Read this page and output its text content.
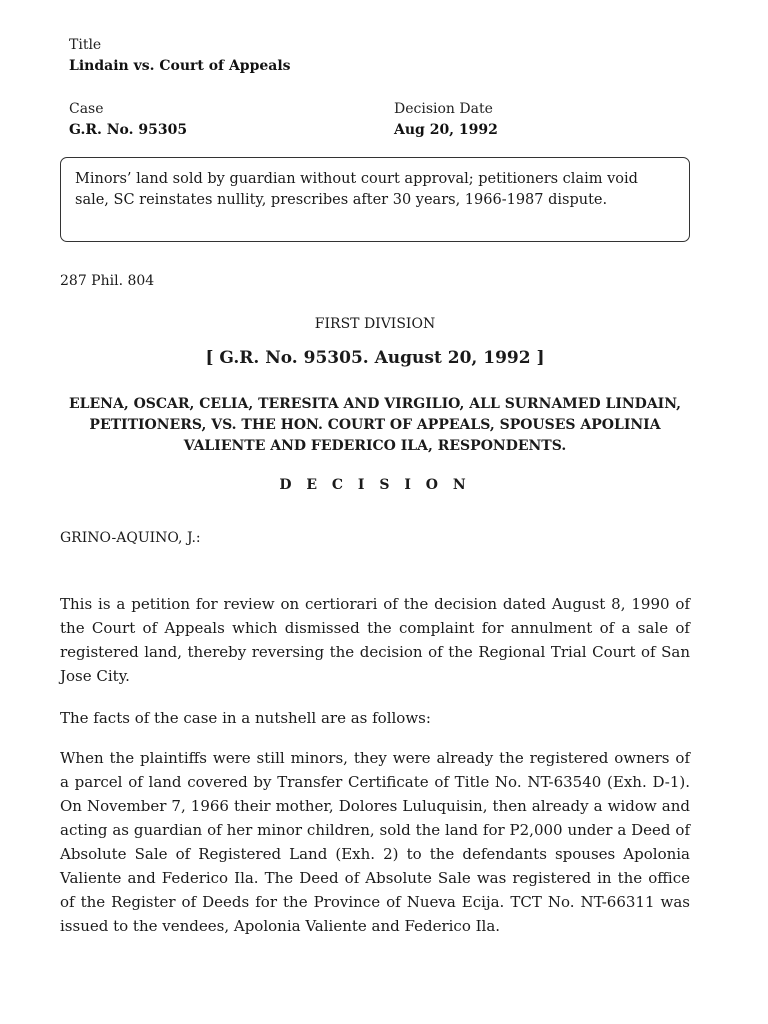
Title
Lindain vs. Court of Appeals
Case
G.R. No. 95305
Decision Date
Aug 20, 1992
Minors’ land sold by guardian without court approval; petitioners claim void sale, SC reinstates nullity, prescribes after 30 years, 1966-1987 dispute.
287 Phil. 804
FIRST DIVISION
[ G.R. No. 95305. August 20, 1992 ]
ELENA, OSCAR, CELIA, TERESITA AND VIRGILIO, ALL SURNAMED LINDAIN, PETITIONERS, VS. THE HON. COURT OF APPEALS, SPOUSES APOLINIA VALIENTE AND FEDERICO ILA, RESPONDENTS.
D E C I S I O N
GRINO-AQUINO, J.:

This is a petition for review on certiorari of the decision dated August 8, 1990 of the Court of Appeals which dismissed the complaint for annulment of a sale of registered land, thereby reversing the decision of the Regional Trial Court of San Jose City.

The facts of the case in a nutshell are as follows:

When the plaintiffs were still minors, they were already the registered owners of a parcel of land covered by Transfer Certificate of Title No. NT-63540 (Exh. D-1). On November 7, 1966 their mother, Dolores Luluquisin, then already a widow and acting as guardian of her minor children, sold the land for P2,000 under a Deed of Absolute Sale of Registered Land (Exh. 2) to the defendants spouses Apolonia Valiente and Federico Ila. The Deed of Absolute Sale was registered in the office of the Register of Deeds for the Province of Nueva Ecija. TCT No. NT-66311 was issued to the vendees, Apolonia Valiente and Federico Ila.
